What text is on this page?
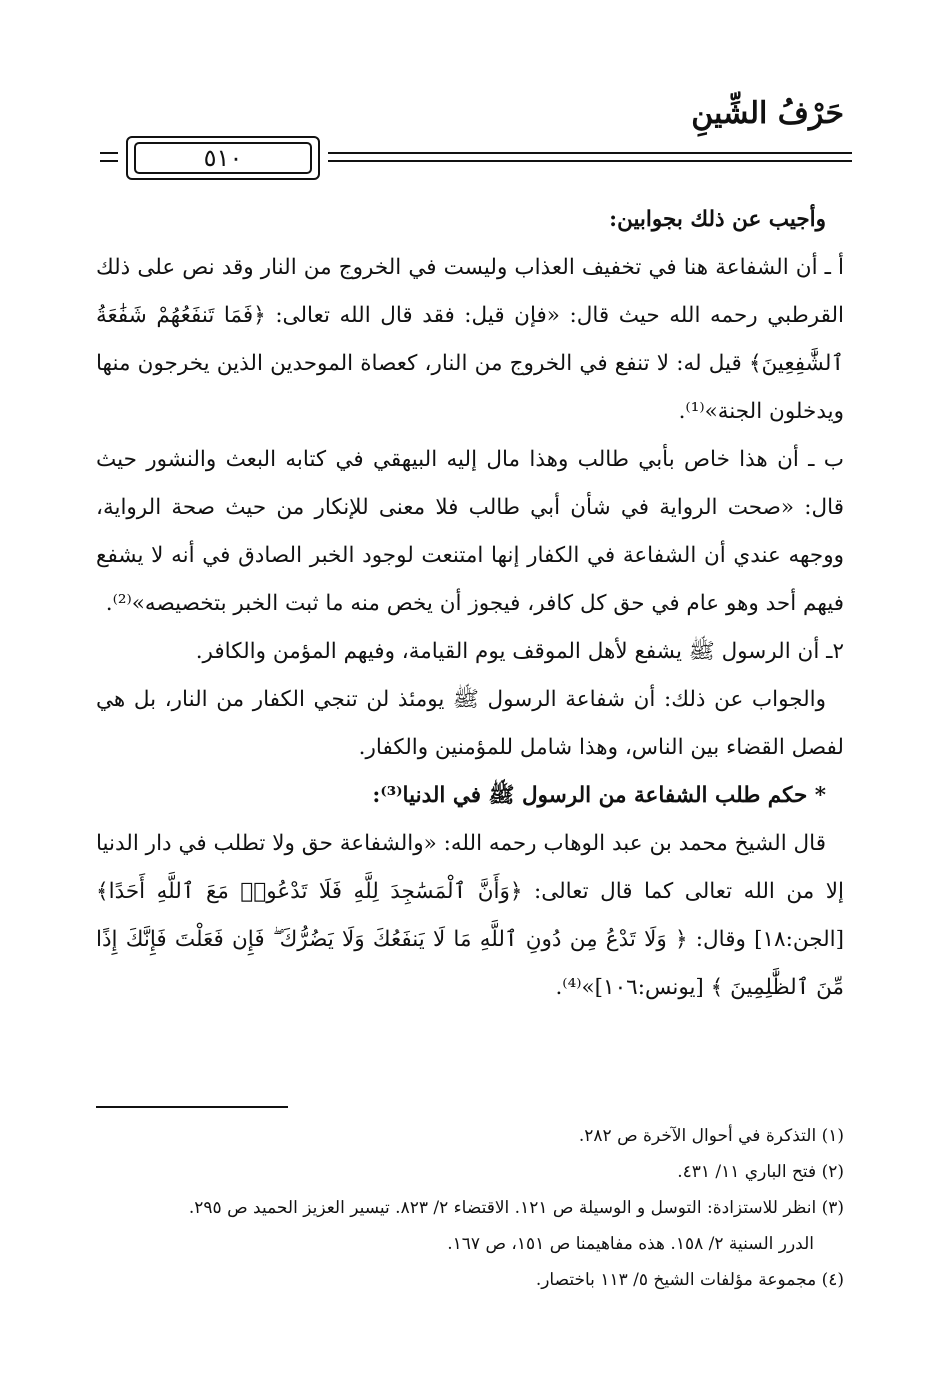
حَرْفُ الشِّينِ
٥١٠

وأجيب عن ذلك بجوابين:

أ ـ أن الشفاعة هنا في تخفيف العذاب وليست في الخروج من النار وقد نص على ذلك القرطبي رحمه الله حيث قال: «فإن قيل: فقد قال الله تعالى: ﴿فَمَا تَنفَعُهُمْ شَفَٰعَةُ ٱلشَّٰفِعِينَ﴾ قيل له: لا تنفع في الخروج من النار، كعصاة الموحدين الذين يخرجون منها ويدخلون الجنة»⁽¹⁾.

ب ـ أن هذا خاص بأبي طالب وهذا مال إليه البيهقي في كتابه البعث والنشور حيث قال: «صحت الرواية في شأن أبي طالب فلا معنى للإنكار من حيث صحة الرواية، ووجهه عندي أن الشفاعة في الكفار إنها امتنعت لوجود الخبر الصادق في أنه لا يشفع فيهم أحد وهو عام في حق كل كافر، فيجوز أن يخص منه ما ثبت الخبر بتخصيصه»⁽²⁾.

٢ـ أن الرسول ﷺ يشفع لأهل الموقف يوم القيامة، وفيهم المؤمن والكافر.

والجواب عن ذلك: أن شفاعة الرسول ﷺ يومئذ لن تنجي الكفار من النار، بل هي لفصل القضاء بين الناس، وهذا شامل للمؤمنين والكفار.

* حكم طلب الشفاعة من الرسول ﷺ في الدنيا⁽³⁾:

قال الشيخ محمد بن عبد الوهاب رحمه الله: «والشفاعة حق ولا تطلب في دار الدنيا إلا من الله تعالى كما قال تعالى: ﴿وَأَنَّ ٱلْمَسَٰجِدَ لِلَّهِ فَلَا تَدْعُوا۟ مَعَ ٱللَّهِ أَحَدًا﴾ [الجن:١٨] وقال: ﴿ وَلَا تَدْعُ مِن دُونِ ٱللَّهِ مَا لَا يَنفَعُكَ وَلَا يَضُرُّكَ ۖ فَإِن فَعَلْتَ فَإِنَّكَ إِذًا مِّنَ ٱلظَّٰلِمِينَ ﴾ [يونس:١٠٦]»⁽⁴⁾.

(١) التذكرة في أحوال الآخرة ص ٢٨٢.

(٢) فتح الباري ١١/ ٤٣١.

(٣) انظر للاستزادة: التوسل و الوسيلة ص ١٢١. الاقتضاء ٢/ ٨٢٣. تيسير العزيز الحميد ص ٢٩٥.

الدرر السنية ٢/ ١٥٨. هذه مفاهيمنا ص ١٥١، ص ١٦٧.

(٤) مجموعة مؤلفات الشيخ ٥/ ١١٣ باختصار.
